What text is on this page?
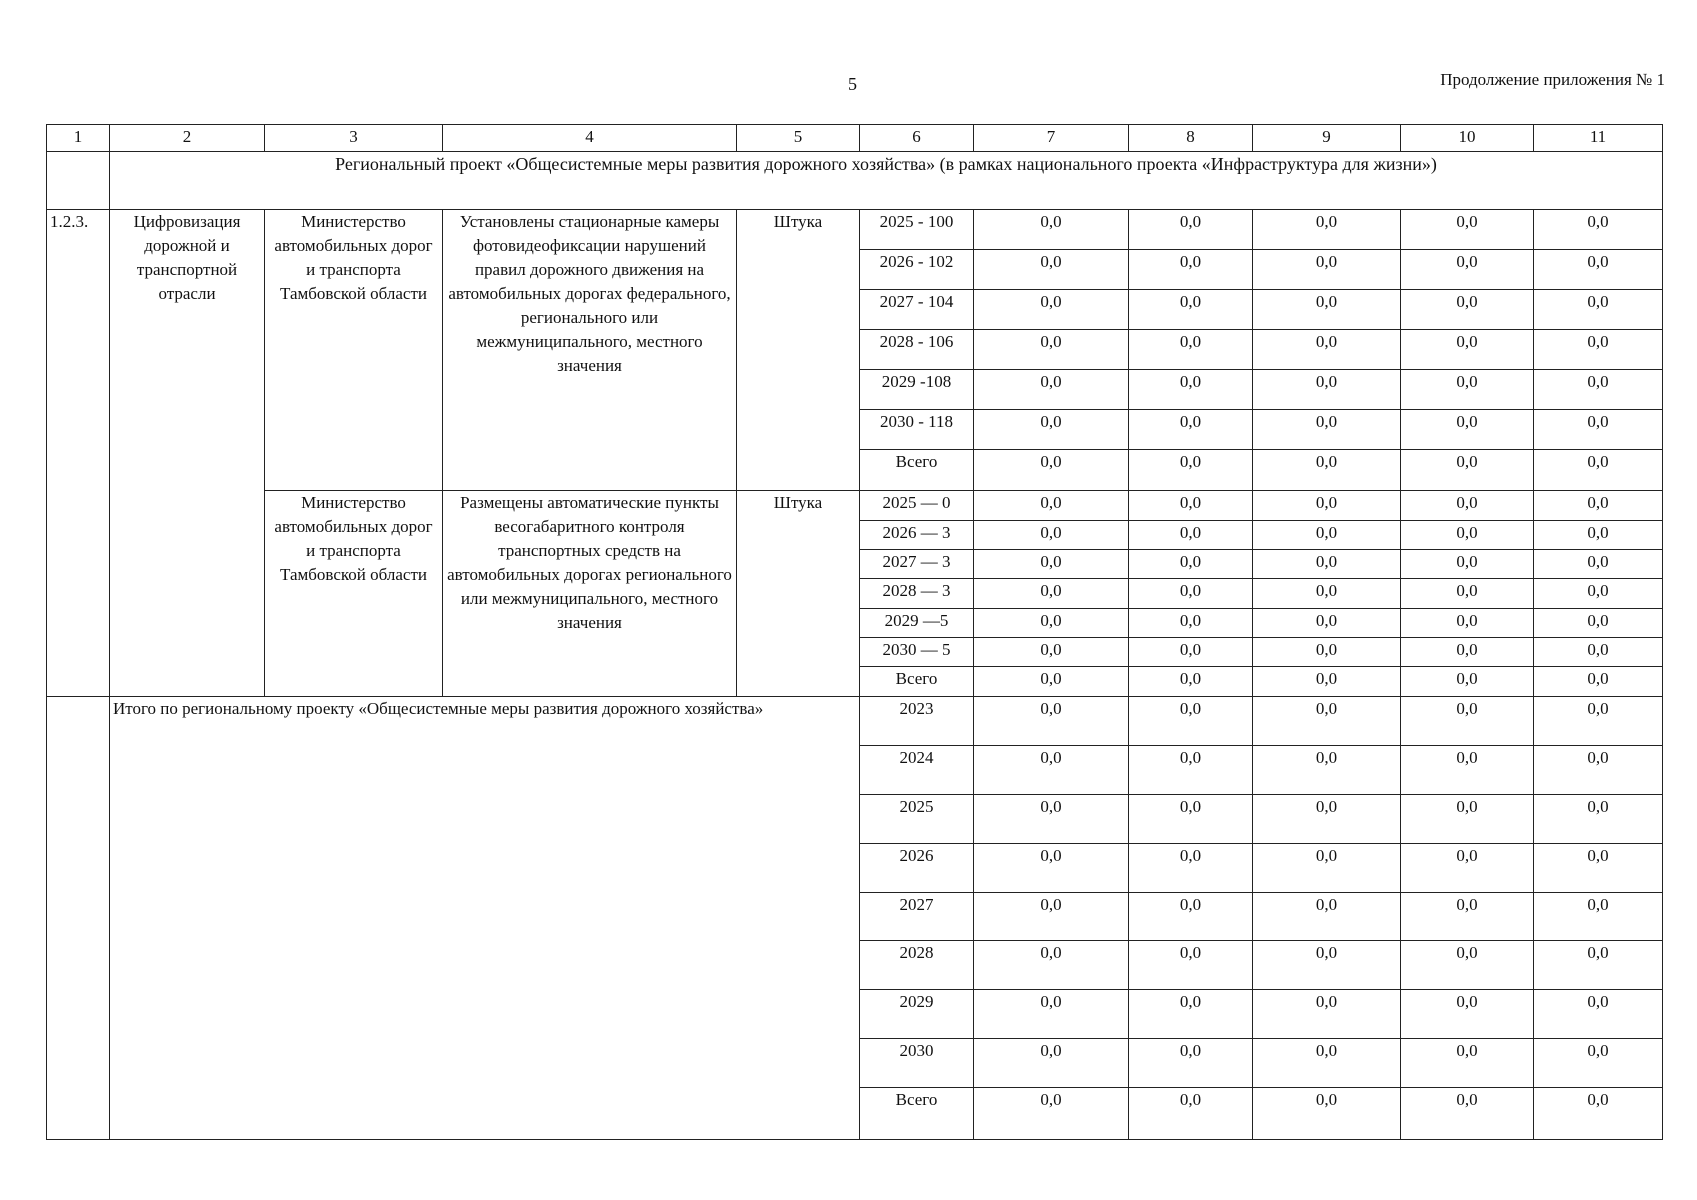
5	Продолжение приложения № 1
1	2	3	4	5	6	7	8	9	10	11
	Региональный проект «Общесистемные меры развития дорожного хозяйства» (в рамках национального проекта «Инфраструктура для жизни»)									
1.2.3.	Цифровизация дорожной и транспортной отрасли	Министерство автомобильных дорог и транспорта Тамбовской области	Установлены стационарные камеры фотовидеофиксации нарушений правил дорожного движения на автомобильных дорогах федерального, регионального или межмуниципального, местного значения	Штука	2025 - 100	0,0	0,0	0,0	0,0	0,0
					2026 - 102	0,0	0,0	0,0	0,0	0,0
					2027 - 104	0,0	0,0	0,0	0,0	0,0
					2028 - 106	0,0	0,0	0,0	0,0	0,0
					2029 -108	0,0	0,0	0,0	0,0	0,0
					2030 - 118	0,0	0,0	0,0	0,0	0,0
					Всего	0,0	0,0	0,0	0,0	0,0
		Министерство автомобильных дорог и транспорта Тамбовской области	Размещены автоматические пункты весогабаритного контроля транспортных средств на автомобильных дорогах регионального или межмуниципального, местного значения	Штука	2025 — 0	0,0	0,0	0,0	0,0	0,0
					2026 — 3	0,0	0,0	0,0	0,0	0,0
					2027 — 3	0,0	0,0	0,0	0,0	0,0
					2028 — 3	0,0	0,0	0,0	0,0	0,0
					2029 —5	0,0	0,0	0,0	0,0	0,0
					2030 — 5	0,0	0,0	0,0	0,0	0,0
					Всего	0,0	0,0	0,0	0,0	0,0
	Итого по региональному проекту «Общесистемные меры развития дорожного хозяйства»				2023	0,0	0,0	0,0	0,0	0,0
					2024	0,0	0,0	0,0	0,0	0,0
					2025	0,0	0,0	0,0	0,0	0,0
					2026	0,0	0,0	0,0	0,0	0,0
					2027	0,0	0,0	0,0	0,0	0,0
					2028	0,0	0,0	0,0	0,0	0,0
					2029	0,0	0,0	0,0	0,0	0,0
					2030	0,0	0,0	0,0	0,0	0,0
					Всего	0,0	0,0	0,0	0,0	0,0
